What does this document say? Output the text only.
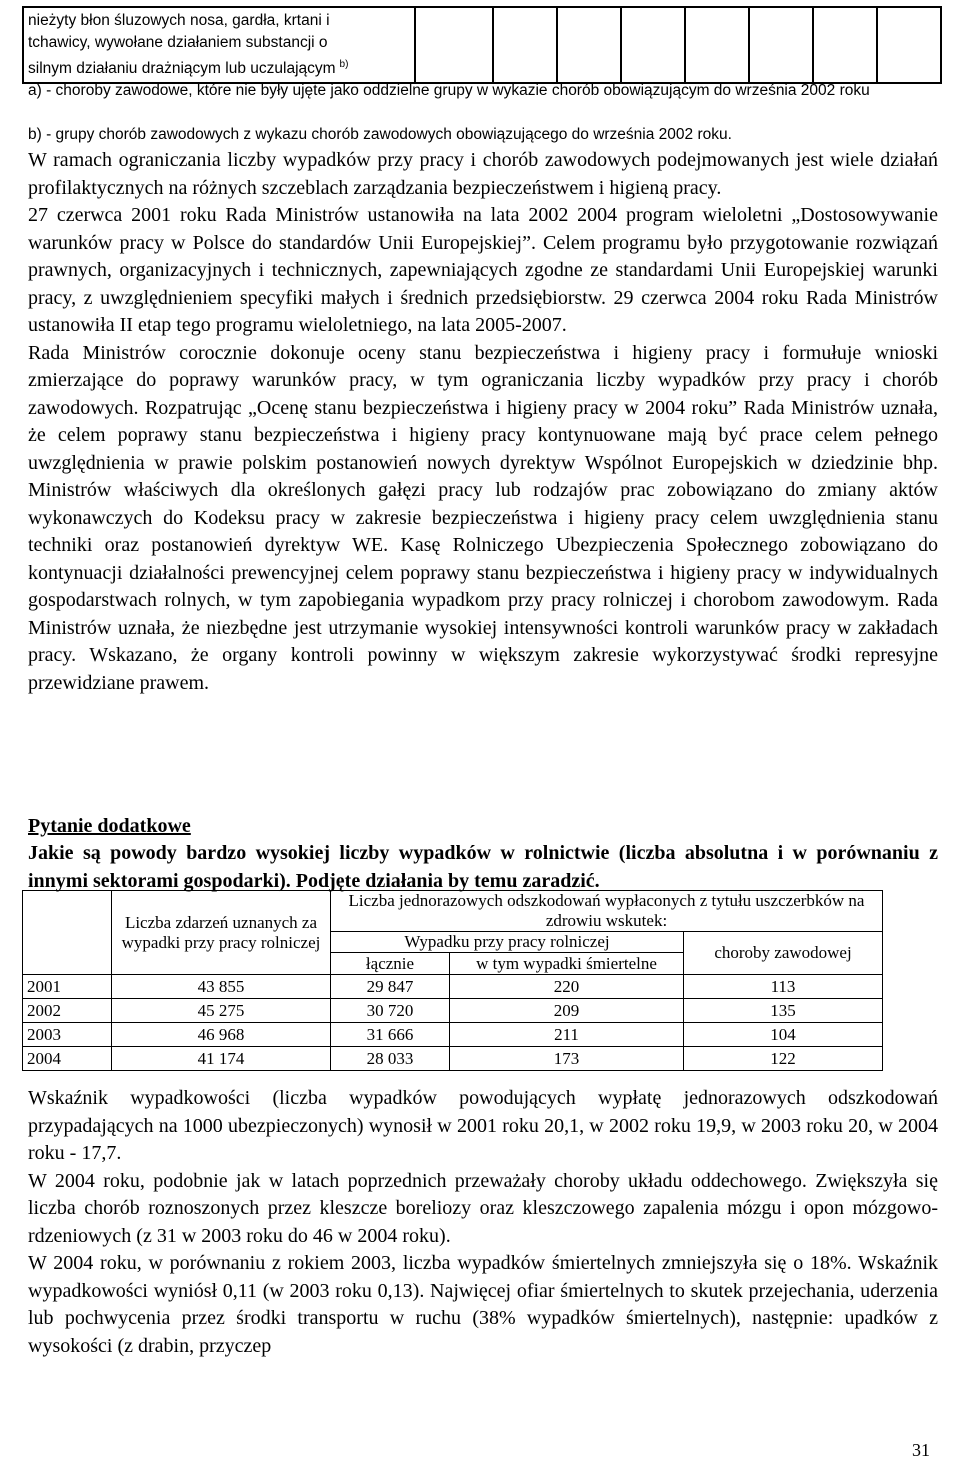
nieżyty błon śluzowych nosa, gardła, krtani i
tchawicy, wywołane działaniem substancji o
silnym działaniu drażniącym lub uczulającym $^{b)}$

a) - choroby zawodowe, które nie były ujęte jako oddzielne grupy w wykazie chorób obowiązującym do września 2002 roku
b) - grupy chorób zawodowych z wykazu chorób zawodowych obowiązującego do września 2002 roku.

W ramach ograniczania liczby wypadków przy pracy i chorób zawodowych podejmowanych jest wiele działań profilaktycznych na różnych szczeblach zarządzania bezpieczeństwem i higieną pracy.

27 czerwca 2001 roku Rada Ministrów ustanowiła na lata 2002 2004 program wieloletni „Dostosowywanie warunków pracy w Polsce do standardów Unii Europejskiej”. Celem programu było przygotowanie rozwiązań prawnych, organizacyjnych i technicznych, zapewniających zgodne ze standardami Unii Europejskiej warunki pracy, z uwzględnieniem specyfiki małych i średnich przedsiębiorstw. 29 czerwca 2004 roku Rada Ministrów ustanowiła II etap tego programu wieloletniego, na lata 2005-2007.

Rada Ministrów corocznie dokonuje oceny stanu bezpieczeństwa i higieny pracy i formułuje wnioski zmierzające do poprawy warunków pracy, w tym ograniczania liczby wypadków przy pracy i chorób zawodowych. Rozpatrując „Ocenę stanu bezpieczeństwa i higieny pracy w 2004 roku” Rada Ministrów uznała, że celem poprawy stanu bezpieczeństwa i higieny pracy kontynuowane mają być prace celem pełnego uwzględnienia w prawie polskim postanowień nowych dyrektyw Wspólnot Europejskich w dziedzinie bhp. Ministrów właściwych dla określonych gałęzi pracy lub rodzajów prac zobowiązano do zmiany aktów wykonawczych do Kodeksu pracy w zakresie bezpieczeństwa i higieny pracy celem uwzględnienia stanu techniki oraz postanowień dyrektyw WE. Kasę Rolniczego Ubezpieczenia Społecznego zobowiązano do kontynuacji działalności prewencyjnej celem poprawy stanu bezpieczeństwa i higieny pracy w indywidualnych gospodarstwach rolnych, w tym zapobiegania wypadkom przy pracy rolniczej i chorobom zawodowym. Rada Ministrów uznała, że niezbędne jest utrzymanie wysokiej intensywności kontroli warunków pracy w zakładach pracy. Wskazano, że organy kontroli powinny w większym zakresie wykorzystywać środki represyjne przewidziane prawem.

Pytanie dodatkowe
Jakie są powody bardzo wysokiej liczby wypadków w rolnictwie (liczba absolutna i w porównaniu z innymi sektorami gospodarki). Podjęte działania by temu zaradzić.
	Liczba zdarzeń uznanych za wypadki przy pracy rolniczej	Liczba jednorazowych odszkodowań wypłaconych z tytułu uszczerbków na zdrowiu wskutek:		
		Wypadku przy pracy rolniczej		choroby zawodowej
		łącznie	w tym wypadki śmiertelne	
2001	43 855	29 847	220	113
2002	45 275	30 720	209	135
2003	46 968	31 666	211	104
2004	41 174	28 033	173	122

Wskaźnik wypadkowości (liczba wypadków powodujących wypłatę jednorazowych odszkodowań przypadających na 1000 ubezpieczonych) wynosił w 2001 roku 20,1, w 2002 roku 19,9, w 2003 roku 20, w 2004 roku - 17,7.

W 2004 roku, podobnie jak w latach poprzednich przeważały choroby układu oddechowego. Zwiększyła się liczba chorób roznoszonych przez kleszcze boreliozy oraz kleszczowego zapalenia mózgu i opon mózgowo-rdzeniowych (z 31 w 2003 roku do 46 w 2004 roku).

W 2004 roku, w porównaniu z rokiem 2003, liczba wypadków śmiertelnych zmniejszyła się o 18%. Wskaźnik wypadkowości wyniósł 0,11 (w 2003 roku 0,13). Najwięcej ofiar śmiertelnych to skutek przejechania, uderzenia lub pochwycenia przez środki transportu w ruchu (38% wypadków śmiertelnych), następnie: upadków z wysokości (z drabin, przyczep

31
